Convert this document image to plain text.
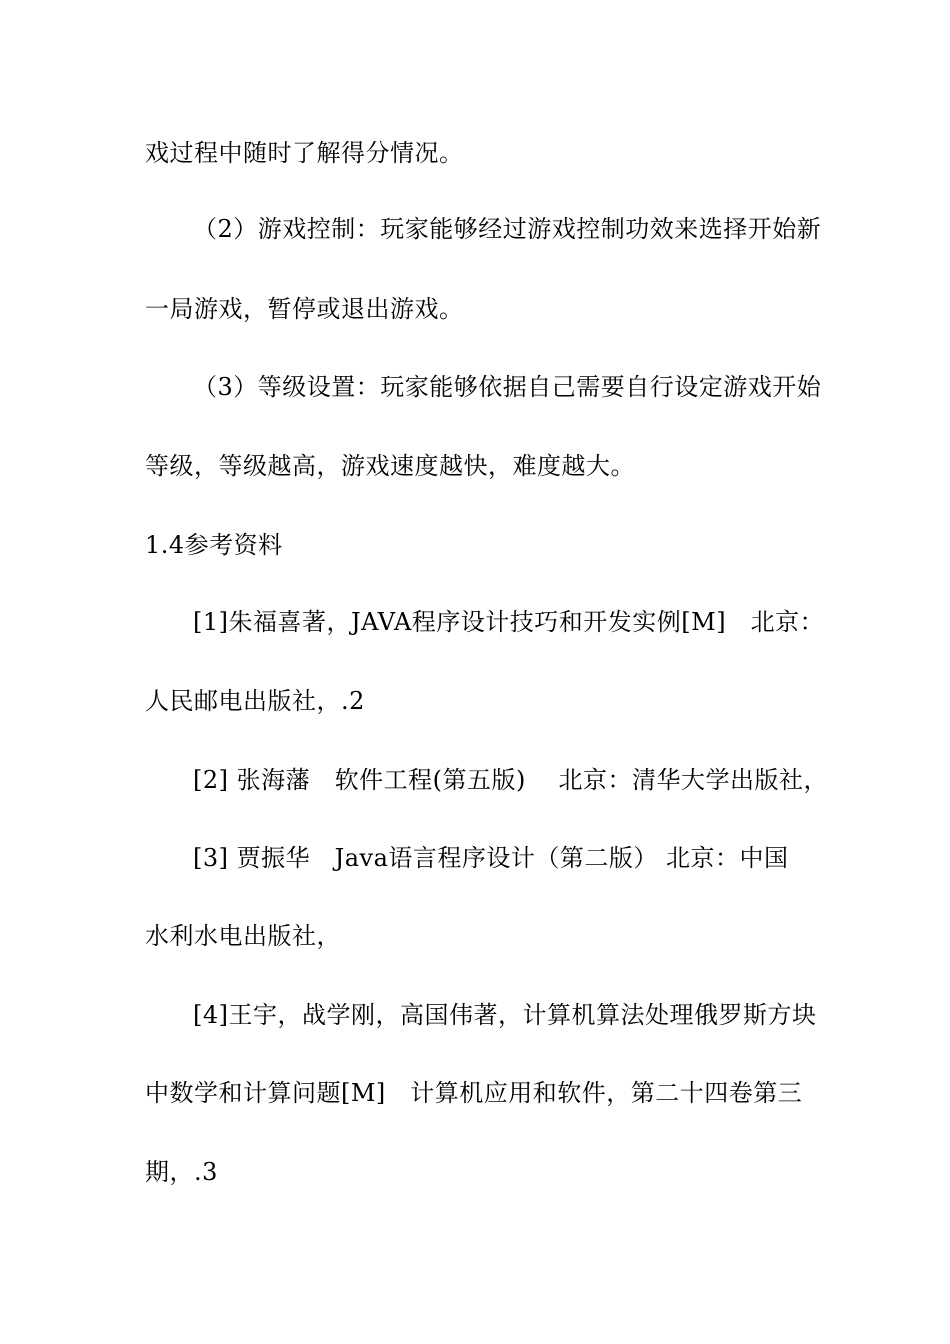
戏过程中随时了解得分情况。
（2）游戏控制：玩家能够经过游戏控制功效来选择开始新
一局游戏，暂停或退出游戏。
（3）等级设置：玩家能够依据自己需要自行设定游戏开始
等级，等级越高，游戏速度越快，难度越大。
1.4参考资料
[1]朱福喜著，JAVA程序设计技巧和开发实例[M]　北京：
人民邮电出版社，.2
[2] 张海藩　软件工程(第五版)　 北京：清华大学出版社，
[3] 贾振华　Java语言程序设计（第二版） 北京：中国
水利水电出版社，
[4]王宇，战学刚，高国伟著，计算机算法处理俄罗斯方块
中数学和计算问题[M]　计算机应用和软件，第二十四卷第三
期，.3
